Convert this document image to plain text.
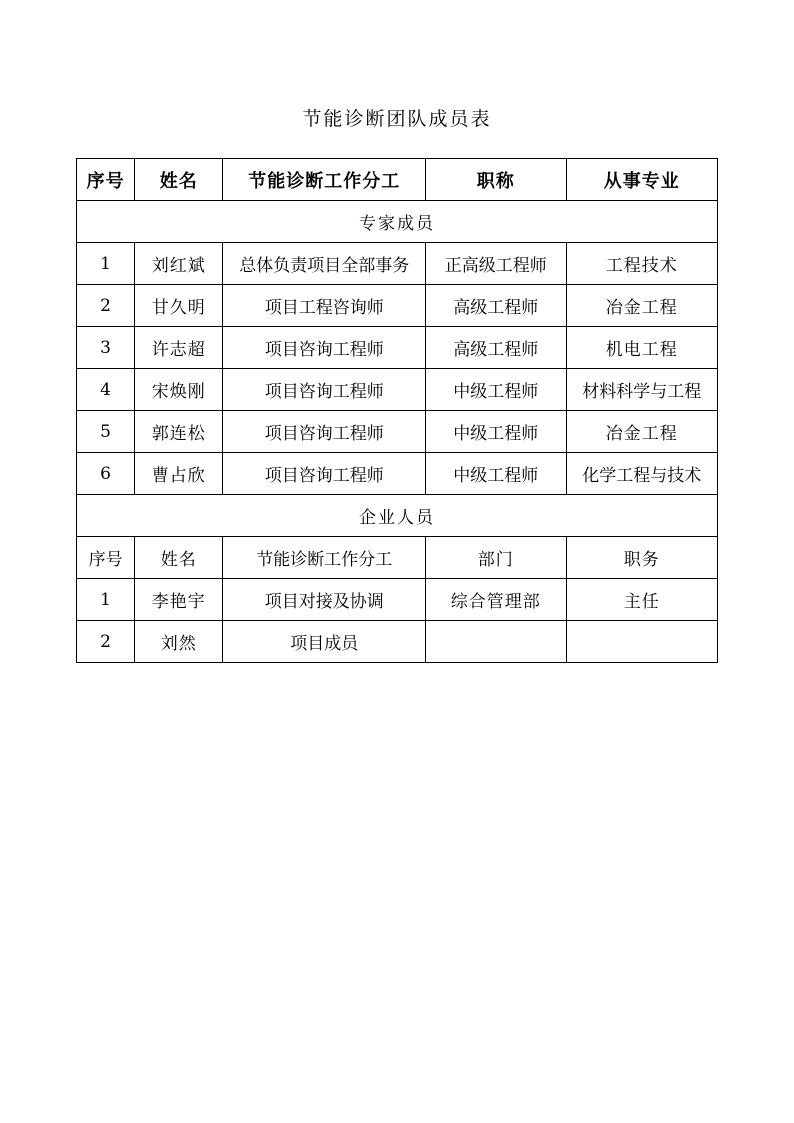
节能诊断团队成员表
序号	姓名	节能诊断工作分工	职称	从事专业
专家成员				
1	刘红斌	总体负责项目全部事务	正高级工程师	工程技术
2	甘久明	项目工程咨询师	高级工程师	冶金工程
3	许志超	项目咨询工程师	高级工程师	机电工程
4	宋焕刚	项目咨询工程师	中级工程师	材料科学与工程
5	郭连松	项目咨询工程师	中级工程师	冶金工程
6	曹占欣	项目咨询工程师	中级工程师	化学工程与技术
企业人员				
序号	姓名	节能诊断工作分工	部门	职务
1	李艳宇	项目对接及协调	综合管理部	主任
2	刘然	项目成员		
